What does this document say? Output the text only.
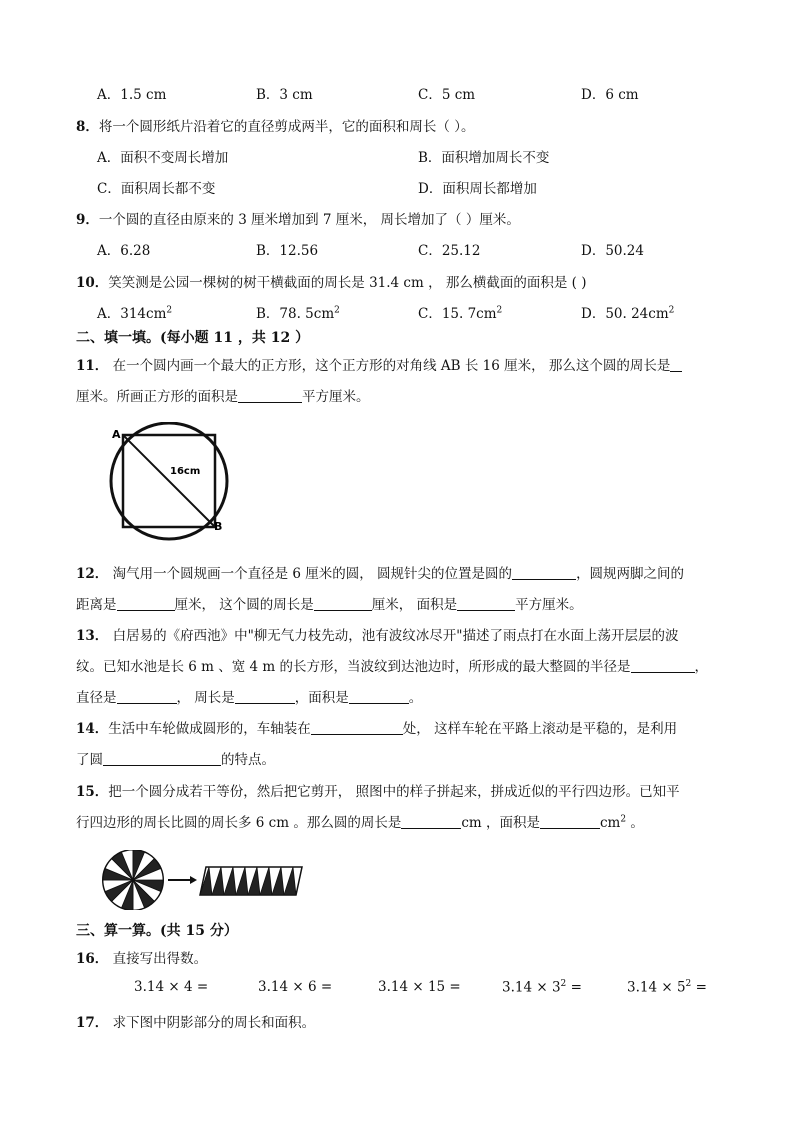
A．1.5 cm	B．3 cm	C．5 cm	D．6 cm
8．将一个圆形纸片沿着它的直径剪成两半，它的面积和周长（ ）。
A．面积不变周长增加	B．面积增加周长不变
C．面积周长都不变	D．面积周长都增加
9．一个圆的直径由原来的 3 厘米增加到 7 厘米， 周长增加了（ ）厘米。
A．6.28	B．12.56	C．25.12	D．50.24
10．笑笑测是公园一棵树的树干横截面的周长是 31.4 cm ， 那么横截面的面积是 ( )
A．$314cm^2$	B．78. $5cm^2$	C．15. $7cm^2$	D．50. $24cm^2$
二、填一填。(每小题 11 ，共 12 ）
11． 在一个圆内画一个最大的正方形，这个正方形的对角线 AB 长 16 厘米， 那么这个圆的周长是
厘米。所画正方形的面积是	平方厘米。
A
B
16cm
12． 淘气用一个圆规画一个直径是 6 厘米的圆， 圆规针尖的位置是圆的	，圆规两脚之间的
距离是	厘米， 这个圆的周长是	厘米， 面积是	平方厘米。
13． 白居易的《府西池》中"柳无气力枝先动，池有波纹冰尽开"描述了雨点打在水面上荡开层层的波
纹。已知水池是长 6 m 、宽 4 m 的长方形，当波纹到达池边时，所形成的最大整圆的半径是	，
直径是	， 周长是	，面积是	。
14．生活中车轮做成圆形的，车轴装在	处， 这样车轮在平路上滚动是平稳的，是利用
了圆	的特点。
15．把一个圆分成若干等份，然后把它剪开， 照图中的样子拼起来，拼成近似的平行四边形。已知平
行四边形的周长比圆的周长多 6 cm 。那么圆的周长是	cm ，面积是	$cm^2$ 。
三、算一算。(共 15 分）
16． 直接写出得数。
3.14 × 4 =	3.14 × 6 =	3.14 × 15 =	$3.14 \times 3^2$ =	$3.14 \times 5^2$ =
17． 求下图中阴影部分的周长和面积。
